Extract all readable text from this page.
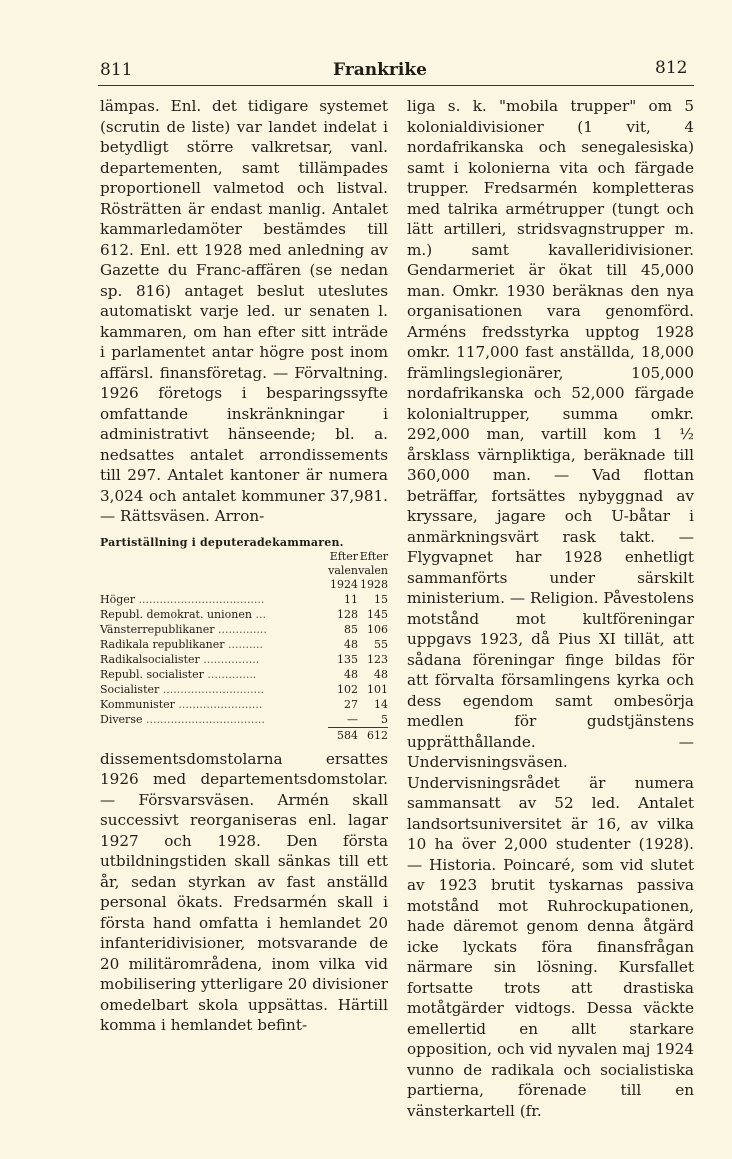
811	Frankrike	812

lämpas. Enl. det tidigare systemet (scrutin de liste) var landet indelat i betydligt större valkretsar, vanl. departementen, samt tillämpades proportionell valmetod och listval. Rösträtten är endast manlig. Antalet kammarledamöter bestämdes till 612. Enl. ett 1928 med anledning av Gazette du Franc-affären (se nedan sp. 816) antaget beslut uteslutes automatiskt varje led. ur senaten l. kammaren, om han efter sitt inträde i parlamentet antar högre post inom affärsl. finansföretag. — Förvaltning. 1926 företogs i besparingssyfte omfattande inskränkningar i administrativt hänseende; bl. a. nedsattes antalet arrondissements till 297. Antalet kantoner är numera 3,024 och antalet kommuner 37,981. — Rättsväsen. Arron-

Partiställning i deputeradekammaren.
	Efter	Efter
	valen	valen
	1924	1928
Höger ....................................	11	15
Republ. demokrat. unionen ...	128	145
Vänsterrepublikaner ..............	85	106
Radikala republikaner ..........	48	55
Radikalsocialister ................	135	123
Republ. socialister ..............	48	48
Socialister .............................	102	101
Kommunister ........................	27	14
Diverse ..................................	—	5
	584	612

dissementsdomstolarna ersattes 1926 med departementsdomstolar. — Försvarsväsen. Armén skall successivt reorganiseras enl. lagar 1927 och 1928. Den första utbildningstiden skall sänkas till ett år, sedan styrkan av fast anställd personal ökats. Fredsarmén skall i första hand omfatta i hemlandet 20 infanteridivisioner, motsvarande de 20 militärområdena, inom vilka vid mobilisering ytterligare 20 divisioner omedelbart skola uppsättas. Härtill komma i hemlandet befint-

liga s. k. "mobila trupper" om 5 kolonialdivisioner (1 vit, 4 nordafrikanska och senegalesiska) samt i kolonierna vita och färgade trupper. Fredsarmén kompletteras med talrika armétrupper (tungt och lätt artilleri, stridsvagnstrupper m. m.) samt kavalleridivisioner. Gendarmeriet är ökat till 45,000 man. Omkr. 1930 beräknas den nya organisationen vara genomförd. Arméns fredsstyrka upptog 1928 omkr. 117,000 fast anställda, 18,000 främlingslegionärer, 105,000 nordafrikanska och 52,000 färgade kolonialtrupper, summa omkr. 292,000 man, vartill kom 1 ½ årsklass värnpliktiga, beräknade till 360,000 man. — Vad flottan beträffar, fortsättes nybyggnad av kryssare, jagare och U-båtar i anmärkningsvärt rask takt. — Flygvapnet har 1928 enhetligt sammanförts under särskilt ministerium. — Religion. Påvestolens motstånd mot kultföreningar uppgavs 1923, då Pius XI tillät, att sådana föreningar finge bildas för att förvalta församlingens kyrka och dess egendom samt ombesörja medlen för gudstjänstens upprätthållande. — Undervisningsväsen. Undervisningsrådet är numera sammansatt av 52 led. Antalet landsortsuniversitet är 16, av vilka 10 ha över 2,000 studenter (1928). — Historia. Poincaré, som vid slutet av 1923 brutit tyskarnas passiva motstånd mot Ruhrockupationen, hade däremot genom denna åtgärd icke lyckats föra finansfrågan närmare sin lösning. Kursfallet fortsatte trots att drastiska motåtgärder vidtogs. Dessa väckte emellertid en allt starkare opposition, och vid nyvalen maj 1924 vunno de radikala och socialistiska partierna, förenade till en vänsterkartell (fr.
